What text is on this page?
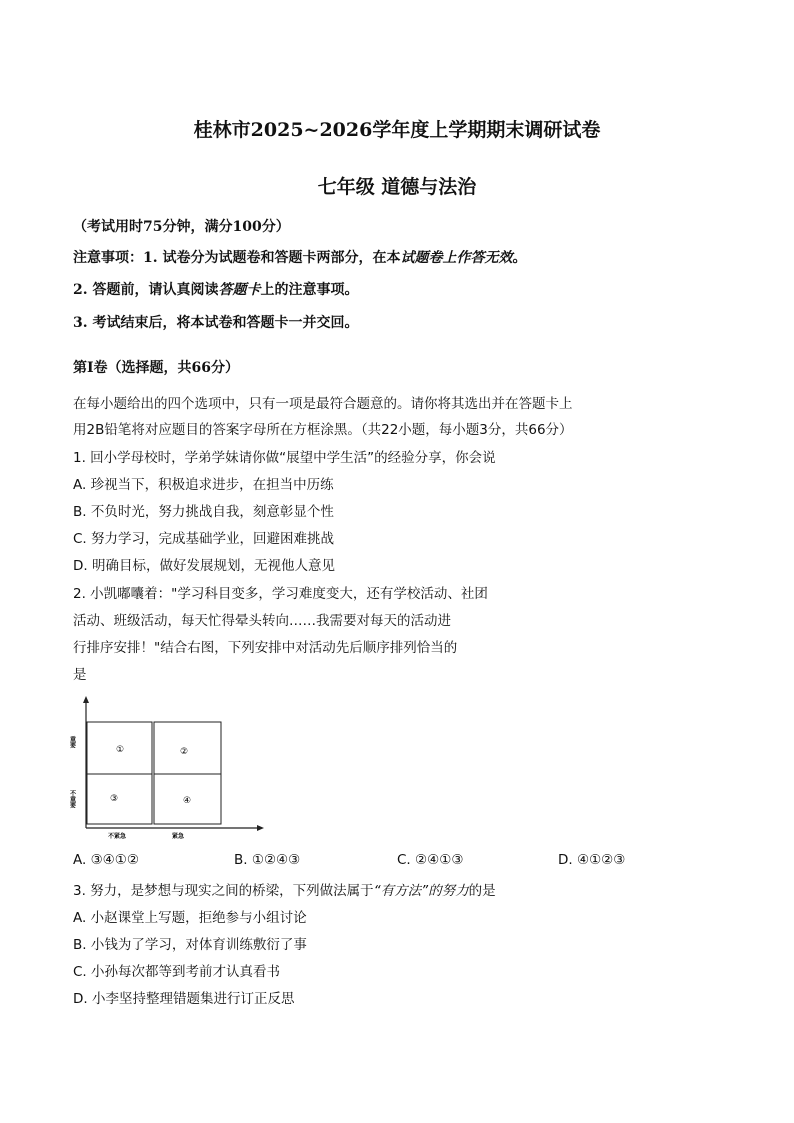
桂林市2025~2026学年度上学期期末调研试卷
七年级 道德与法治
（考试用时75分钟，满分100分）
注意事项：1. 试卷分为试题卷和答题卡两部分，在本试题卷上作答无效。
2. 答题前，请认真阅读答题卡上的注意事项。
3. 考试结束后，将本试卷和答题卡一并交回。
第Ⅰ卷（选择题，共66分）
在每小题给出的四个选项中，只有一项是最符合题意的。请你将其选出并在答题卡上
用2B铅笔将对应题目的答案字母所在方框涂黑。（共22小题，每小题3分，共66分）
1. 回小学母校时，学弟学妹请你做“展望中学生活”的经验分享，你会说
A. 珍视当下，积极追求进步，在担当中历练
B. 不负时光，努力挑战自我，刻意彰显个性
C. 努力学习，完成基础学业，回避困难挑战
D. 明确目标，做好发展规划，无视他人意见
2. 小凯嘟囔着："学习科目变多，学习难度变大，还有学校活动、社团
活动、班级活动，每天忙得晕头转向……我需要对每天的活动进
行排序安排！"结合右图，下列安排中对活动先后顺序排列恰当的
是
①	②
③	④
重要
不重要
不紧急	紧急
A. ③④①②	B. ①②④③	C. ②④①③	D. ④①②③
3. 努力，是梦想与现实之间的桥梁，下列做法属于“有方法”的努力的是
A. 小赵课堂上写题，拒绝参与小组讨论
B. 小钱为了学习，对体育训练敷衍了事
C. 小孙每次都等到考前才认真看书
D. 小李坚持整理错题集进行订正反思
